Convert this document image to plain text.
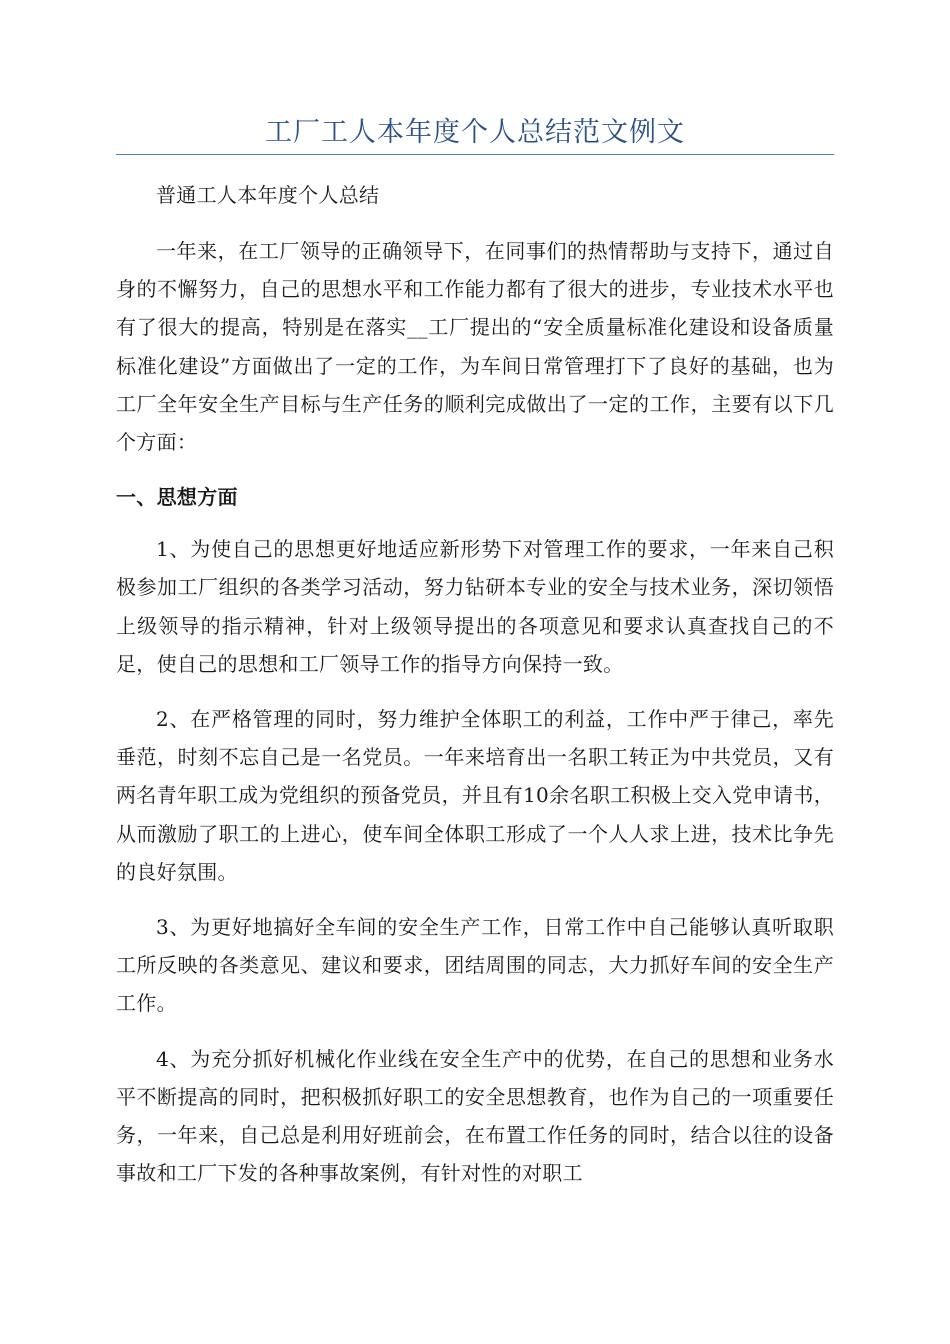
工厂工人本年度个人总结范文例文

普通工人本年度个人总结

一年来，在工厂领导的正确领导下，在同事们的热情帮助与支持下，通过自身的不懈努力，自己的思想水平和工作能力都有了很大的进步，专业技术水平也有了很大的提高，特别是在落实__工厂提出的“安全质量标准化建设和设备质量标准化建设”方面做出了一定的工作，为车间日常管理打下了良好的基础，也为工厂全年安全生产目标与生产任务的顺利完成做出了一定的工作，主要有以下几个方面：

一、思想方面

1、为使自己的思想更好地适应新形势下对管理工作的要求，一年来自己积极参加工厂组织的各类学习活动，努力钻研本专业的安全与技术业务，深切领悟上级领导的指示精神，针对上级领导提出的各项意见和要求认真查找自己的不足，使自己的思想和工厂领导工作的指导方向保持一致。

2、在严格管理的同时，努力维护全体职工的利益，工作中严于律己，率先垂范，时刻不忘自己是一名党员。一年来培育出一名职工转正为中共党员，又有两名青年职工成为党组织的预备党员，并且有10余名职工积极上交入党申请书，从而激励了职工的上进心，使车间全体职工形成了一个人人求上进，技术比争先的良好氛围。

3、为更好地搞好全车间的安全生产工作，日常工作中自己能够认真听取职工所反映的各类意见、建议和要求，团结周围的同志，大力抓好车间的安全生产工作。

4、为充分抓好机械化作业线在安全生产中的优势，在自己的思想和业务水平不断提高的同时，把积极抓好职工的安全思想教育，也作为自己的一项重要任务，一年来，自己总是利用好班前会，在布置工作任务的同时，结合以往的设备事故和工厂下发的各种事故案例，有针对性的对职工
